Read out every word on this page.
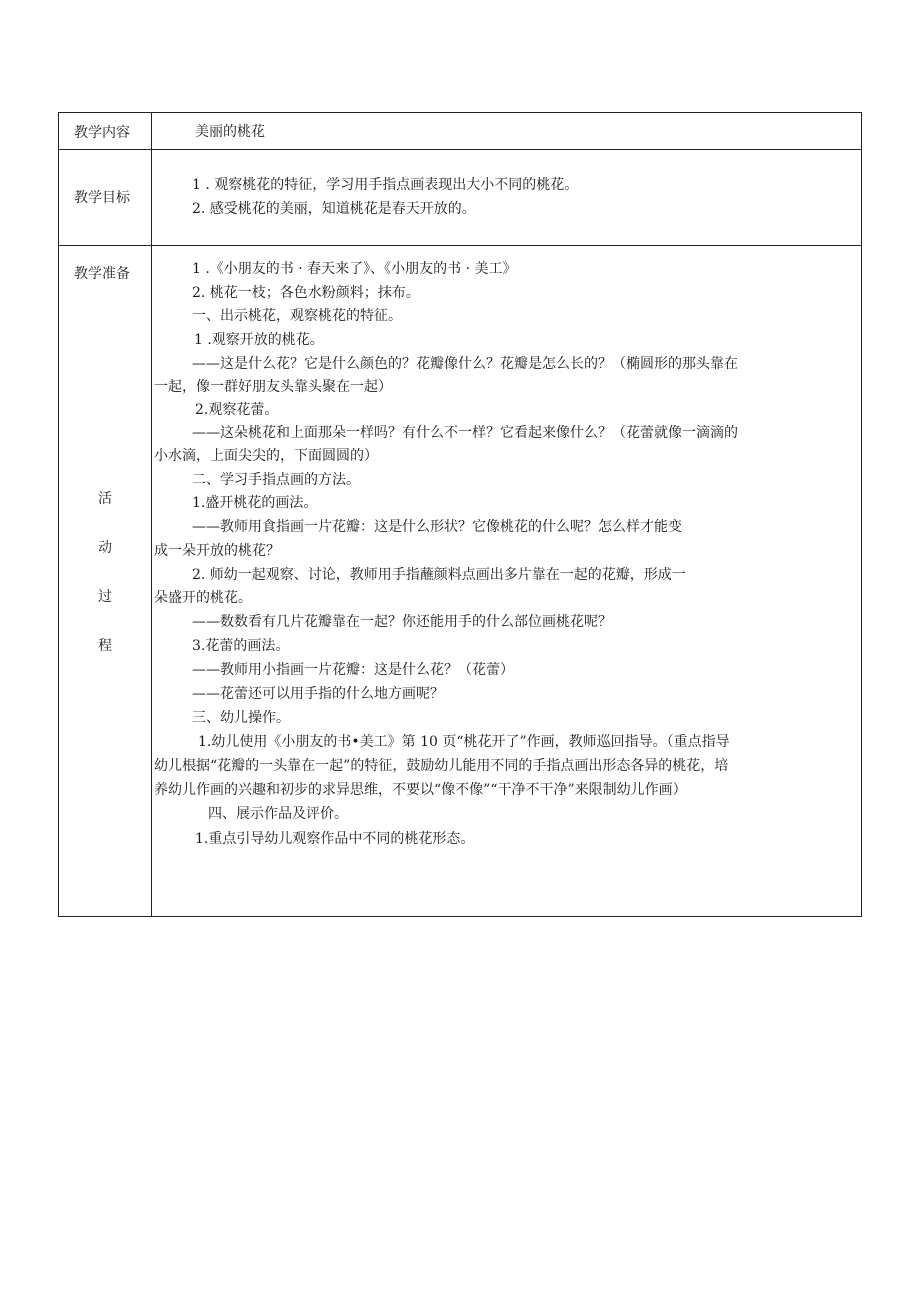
教学内容
教学目标
教学准备
活
动
过
程
美丽的桃花
1 . 观察桃花的特征，学习用手指点画表现出大小不同的桃花。
2. 感受桃花的美丽，知道桃花是春天开放的。
1 .《小朋友的书 · 春天来了》、《小朋友的书 · 美工》
2. 桃花一枝；各色水粉颜料；抹布。
一、出示桃花，观察桃花的特征。
1 .观察开放的桃花。
——这是什么花？它是什么颜色的？花瓣像什么？花瓣是怎么长的？（椭圆形的那头靠在
一起，像一群好朋友头靠头聚在一起）
2.观察花蕾。
——这朵桃花和上面那朵一样吗？有什么不一样？它看起来像什么？（花蕾就像一滴滴的
小水滴，上面尖尖的，下面圆圆的）
二、学习手指点画的方法。
1.盛开桃花的画法。
——教师用食指画一片花瓣：这是什么形状？它像桃花的什么呢？怎么样才能变
成一朵开放的桃花？
2. 师幼一起观察、讨论，教师用手指蘸颜料点画出多片靠在一起的花瓣，形成一
朵盛开的桃花。
——数数看有几片花瓣靠在一起？你还能用手的什么部位画桃花呢？
3.花蕾的画法。
——教师用小指画一片花瓣：这是什么花？（花蕾）
——花蕾还可以用手指的什么地方画呢？
三、幼儿操作。
1.幼儿使用《小朋友的书•美工》第 10 页“桃花开了”作画，教师巡回指导。（重点指导
幼儿根据“花瓣的一头靠在一起”的特征，鼓励幼儿能用不同的手指点画出形态各异的桃花，培
养幼儿作画的兴趣和初步的求异思维，不要以“像不像”“干净不干净”来限制幼儿作画）
四、展示作品及评价。
1.重点引导幼儿观察作品中不同的桃花形态。
